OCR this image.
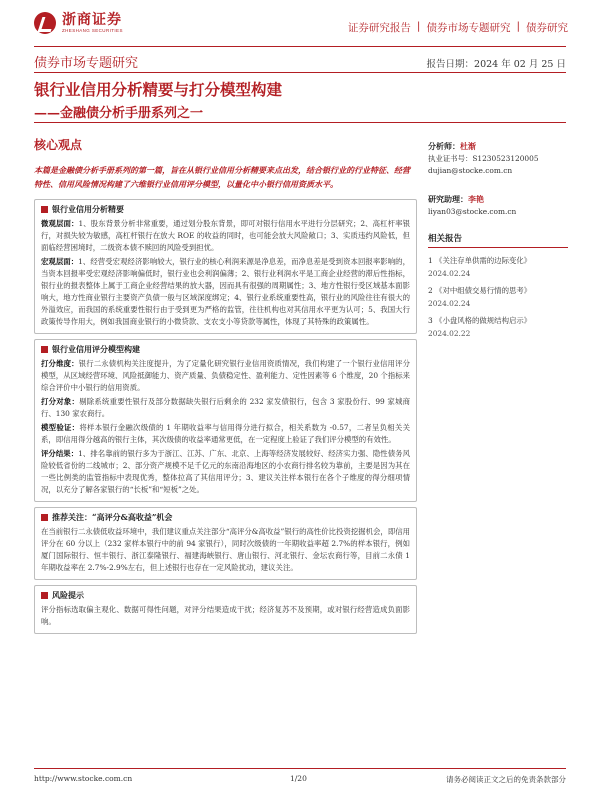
浙商证券
ZHESHANG SECURITIES	证券研究报告 | 债券市场专题研究 | 债券研究
债券市场专题研究	报告日期：2024 年 02 月 25 日
银行业信用分析精要与打分模型构建
——金融债分析手册系列之一
核心观点
本篇是金融债分析手册系列的第一篇，旨在从银行业信用分析精要来点出发，结合银行业的行业特征、经营特性、信用风险情况构建了六维银行业信用评分模型，以量化中小银行信用资质水平。
银行业信用分析精要

微观层面：1、股东背景分析非常重要，通过划分股东背景，即可对银行信用水平进行分层研究；2、高杠杆率银行，对损失较为敏感，高杠杆银行在放大 ROE 的收益的同时，也可能会放大风险敞口；3、实质违约风险低，但面临经营困境时，二级资本债不赎回的风险受到担忧。

宏观层面：1、经营受宏观经济影响较大，银行业的核心利润来源是净息差，而净息差是受到资本回报率影响的，当资本回报率受宏观经济影响偏低时，银行业也会利润偏薄；2、银行业利润水平是工商企业经营的滞后性指标，银行业的报表整体上属于工商企业经营结果的放大器，因而具有很强的周期属性；3、地方性银行受区域基本面影响大，地方性商业银行主要资产负债一般与区域深度绑定；4、银行业系统重要性高，银行业的风险往往有很大的外溢效应，而我国的系统重要性银行由于受到更为严格的监管，往往机构也对其信用水平更为认可；5、我国大行政策传导作用大，例如我国商业银行的小微贷款、支农支小等贷款等属性，体现了其特殊的政策属性。

银行业信用评分模型构建

打分维度：银行二永债机构关注度提升，为了定量化研究银行业信用资质情况，我们构建了一个银行业信用评分模型，从区域经营环境、风险抵御能力、资产质量、负债稳定性、盈利能力、定性因素等 6 个维度，20 个指标来综合评价中小银行的信用资质。

打分对象：剔除系统重要性银行及部分数据缺失银行后剩余的 232 家发债银行，包含 3 家股份行、99 家城商行、130 家农商行。

模型验证：将样本银行金融次级债的 1 年期收益率与信用得分进行拟合，相关系数为 -0.57，二者呈负相关关系，即信用得分越高的银行主体，其次级债的收益率通常更低，在一定程度上验证了我们评分模型的有效性。

评分结果：1、排名靠前的银行多为于浙江、江苏、广东、北京、上海等经济发展较好、经济实力强、隐性债务风险较低省份的二线城市；2、部分资产规模不足千亿元的东南沿海地区的小农商行排名较为靠前，主要是因为其在一些比例类的监管指标中表现优秀，整体拉高了其信用评分；3、建议关注样本银行在各个子维度的得分细项情况，以充分了解各家银行的“长板”和“短板”之处。

推荐关注：“高评分&高收益”机会

在当前银行二永债低收益环境中，我们建议重点关注部分“高评分&高收益”银行的高性价比投资挖掘机会，即信用评分在 60 分以上（232 家样本银行中的前 94 家银行），同时次级债的一年期收益率超 2.7%的样本银行，例如厦门国际银行、恒丰银行、浙江泰隆银行、福建海峡银行、唐山银行、河北银行、金坛农商行等，目前二永债 1 年期收益率在 2.7%-2.9%左右，但上述银行也存在一定风险扰动，建议关注。

风险提示

评分指标选取偏主观化、数据可得性问题，对评分结果造成干扰；经济复苏不及预期，或对银行经营造成负面影响。

分析师：杜渐
执业证书号：S1230523120005
dujian@stocke.com.cn
研究助理：李艳
liyan03@stocke.com.cn
相关报告
1 《关注存单供需的边际变化》
2024.02.24
2 《对中组债交易行情的思考》
2024.02.24
3 《小盘风格的做规结构启示》
2024.02.22
http://www.stocke.com.cn	1/20	请务必阅读正文之后的免责条款部分
